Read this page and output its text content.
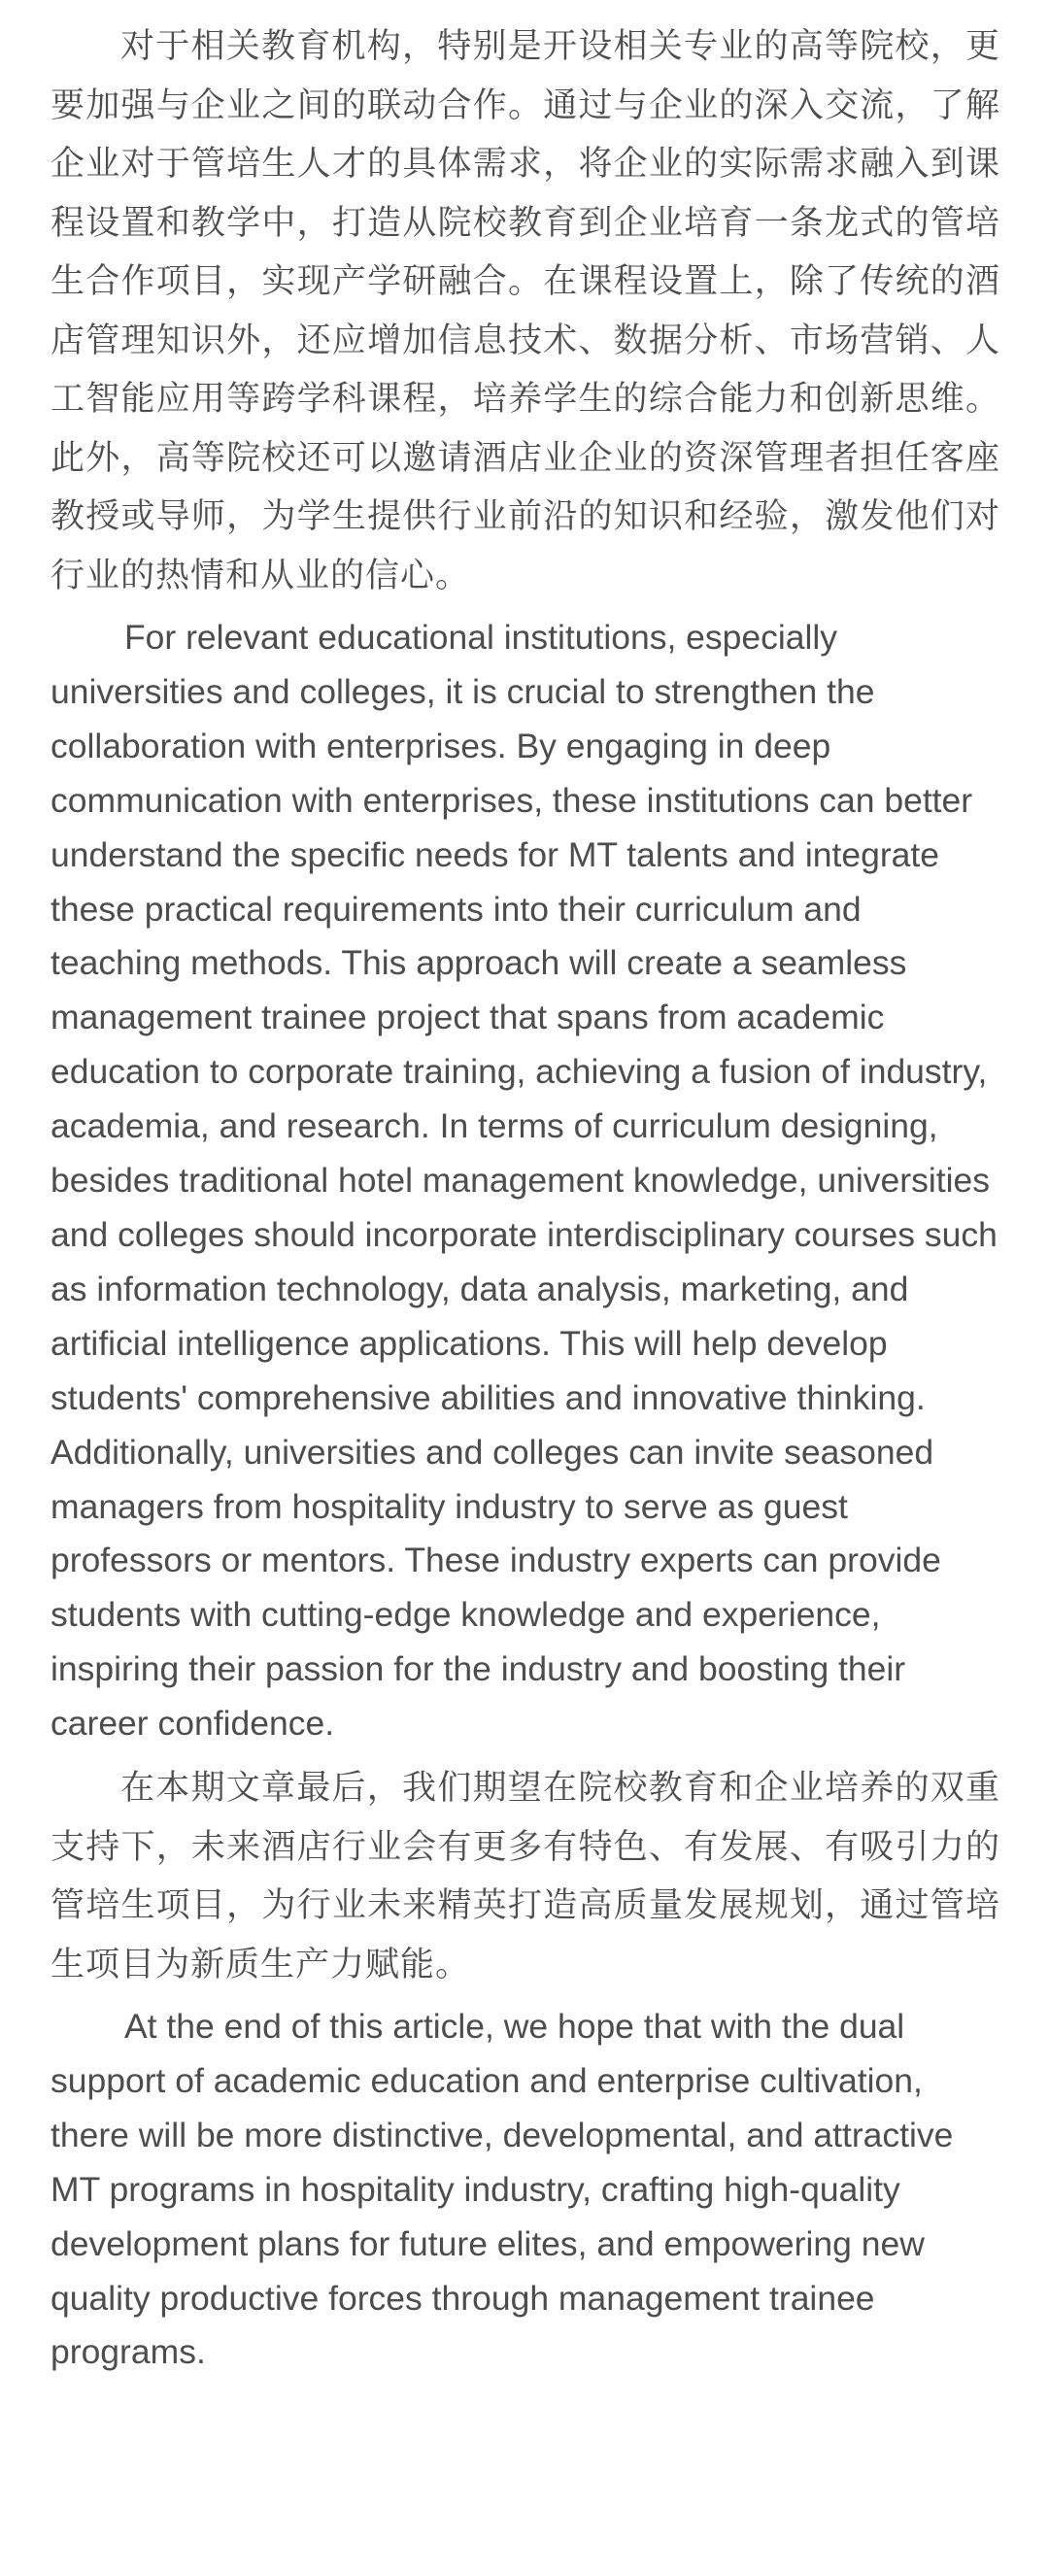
对于相关教育机构，特别是开设相关专业的高等院校，更要加强与企业之间的联动合作。通过与企业的深入交流，了解企业对于管培生人才的具体需求，将企业的实际需求融入到课程设置和教学中，打造从院校教育到企业培育一条龙式的管培生合作项目，实现产学研融合。在课程设置上，除了传统的酒店管理知识外，还应增加信息技术、数据分析、市场营销、人工智能应用等跨学科课程，培养学生的综合能力和创新思维。此外，高等院校还可以邀请酒店业企业的资深管理者担任客座教授或导师，为学生提供行业前沿的知识和经验，激发他们对行业的热情和从业的信心。

For relevant educational institutions, especially universities and colleges, it is crucial to strengthen the collaboration with enterprises. By engaging in deep communication with enterprises, these institutions can better understand the specific needs for MT talents and integrate these practical requirements into their curriculum and teaching methods. This approach will create a seamless management trainee project that spans from academic education to corporate training, achieving a fusion of industry, academia, and research. In terms of curriculum designing, besides traditional hotel management knowledge, universities and colleges should incorporate interdisciplinary courses such as information technology, data analysis, marketing, and artificial intelligence applications. This will help develop students' comprehensive abilities and innovative thinking. Additionally, universities and colleges can invite seasoned managers from hospitality industry to serve as guest professors or mentors. These industry experts can provide students with cutting-edge knowledge and experience, inspiring their passion for the industry and boosting their career confidence.

在本期文章最后，我们期望在院校教育和企业培养的双重支持下，未来酒店行业会有更多有特色、有发展、有吸引力的管培生项目，为行业未来精英打造高质量发展规划，通过管培生项目为新质生产力赋能。

At the end of this article, we hope that with the dual support of academic education and enterprise cultivation, there will be more distinctive, developmental, and attractive MT programs in hospitality industry, crafting high-quality development plans for future elites, and empowering new quality productive forces through management trainee programs.
